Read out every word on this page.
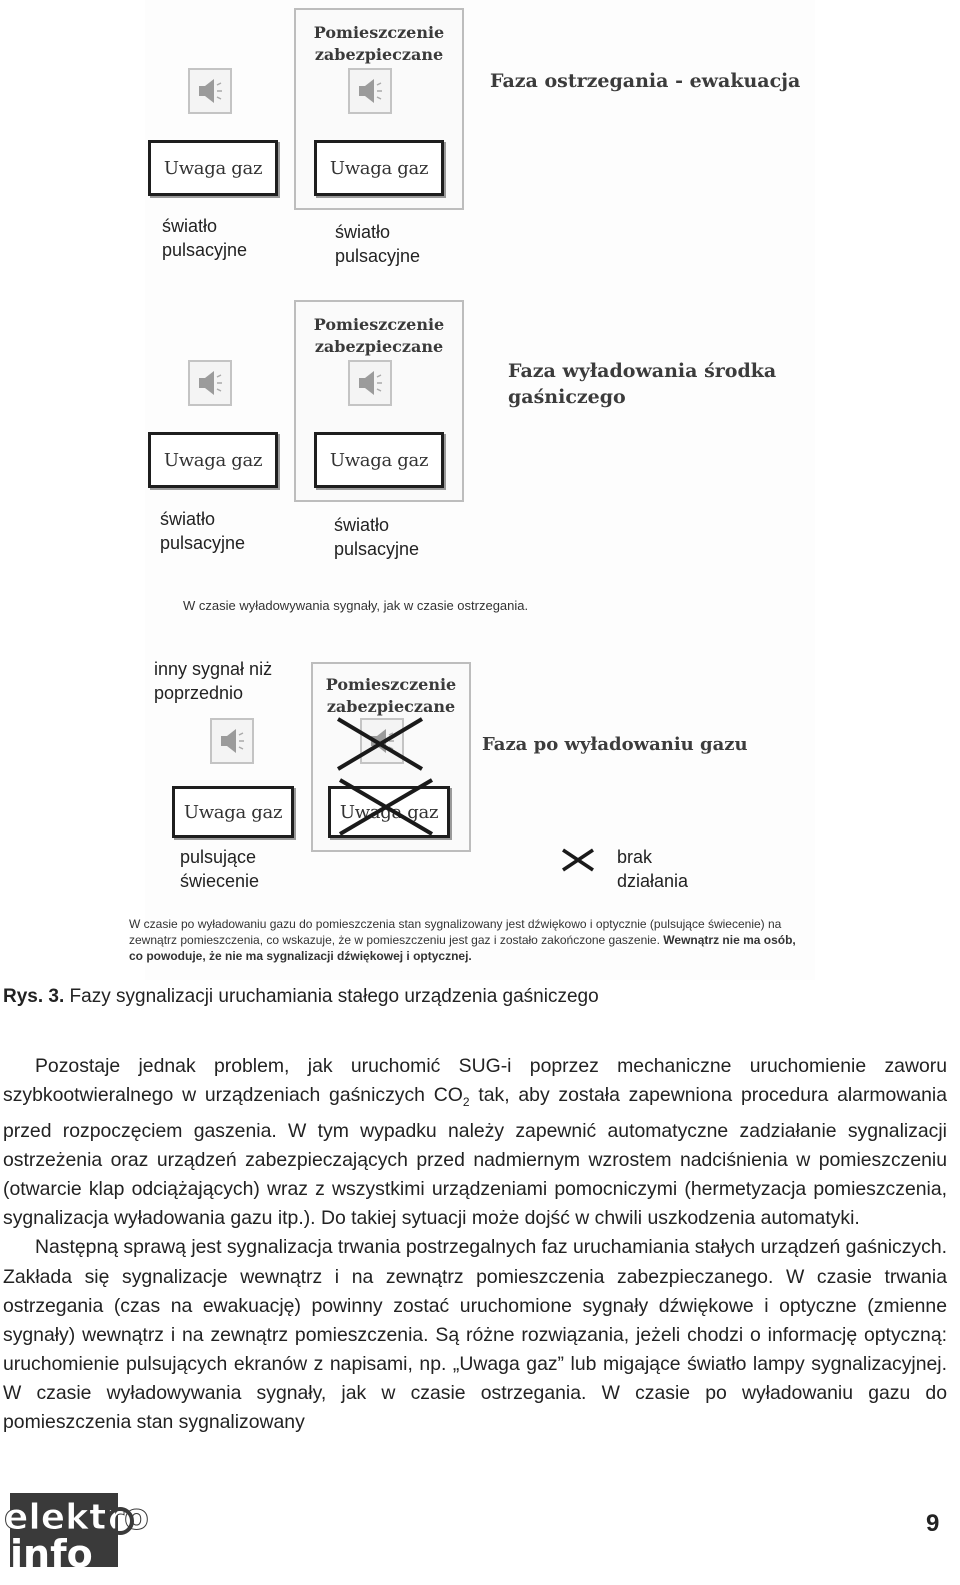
Pomieszczenie
zabezpieczane
Uwaga gaz	Uwaga gaz
Faza ostrzegania - ewakuacja
światło
pulsacyjne
światło
pulsacyjne
Pomieszczenie
zabezpieczane
Uwaga gaz	Uwaga gaz
Faza wyładowania środka
gaśniczego
światło
pulsacyjne
światło
pulsacyjne
W czasie wyładowywania sygnały, jak w czasie ostrzegania.
Pomieszczenie
zabezpieczane
inny sygnał niż
poprzednio
Uwaga gaz	Uwaga gaz
Faza po wyładowaniu gazu
pulsujące
świecenie
brak
działania
W czasie po wyładowaniu gazu do pomieszczenia stan sygnalizowany jest dźwiękowo i optycznie (pulsujące świecenie) na zewnątrz pomieszczenia, co wskazuje, że w pomieszczeniu jest gaz i zostało zakończone gaszenie. Wewnątrz nie ma osób, co powoduje, że nie ma sygnalizacji dźwiękowej i optycznej.
Rys. 3. Fazy sygnalizacji uruchamiania stałego urządzenia gaśniczego

Pozostaje jednak problem, jak uruchomić SUG-i poprzez mechaniczne uruchomienie zaworu szybkootwieralnego w urządzeniach gaśniczych $CO_2$ tak, aby została zapewniona procedura alarmowania przed rozpoczęciem gaszenia. W tym wypadku należy zapewnić automatyczne zadziałanie sygnalizacji ostrzeżenia oraz urządzeń zabezpieczających przed nadmiernym wzrostem nadciśnienia w pomieszczeniu (otwarcie klap odciążających) wraz z wszystkimi urządzeniami pomocniczymi (hermetyzacja pomieszczenia, sygnalizacja wyładowania gazu itp.). Do takiej sytuacji może dojść w chwili uszkodzenia automatyki.

Następną sprawą jest sygnalizacja trwania postrzegalnych faz uruchamiania stałych urządzeń gaśniczych. Zakłada się sygnalizacje wewnątrz i na zewnątrz pomieszczenia zabezpieczanego. W czasie trwania ostrzegania (czas na ewakuację) powinny zostać uruchomione sygnały dźwiękowe i optyczne (zmienne sygnały) wewnątrz i na zewnątrz pomieszczenia. Są różne rozwiązania, jeżeli chodzi o informację optyczną: uruchomienie pulsujących ekranów z napisami, np. „Uwaga gaz” lub migające światło lampy sygnalizacyjnej. W czasie wyładowywania sygnały, jak w czasie ostrzegania. W czasie po wyładowaniu gazu do pomieszczenia stan sygnalizowany

elektro
info
9
